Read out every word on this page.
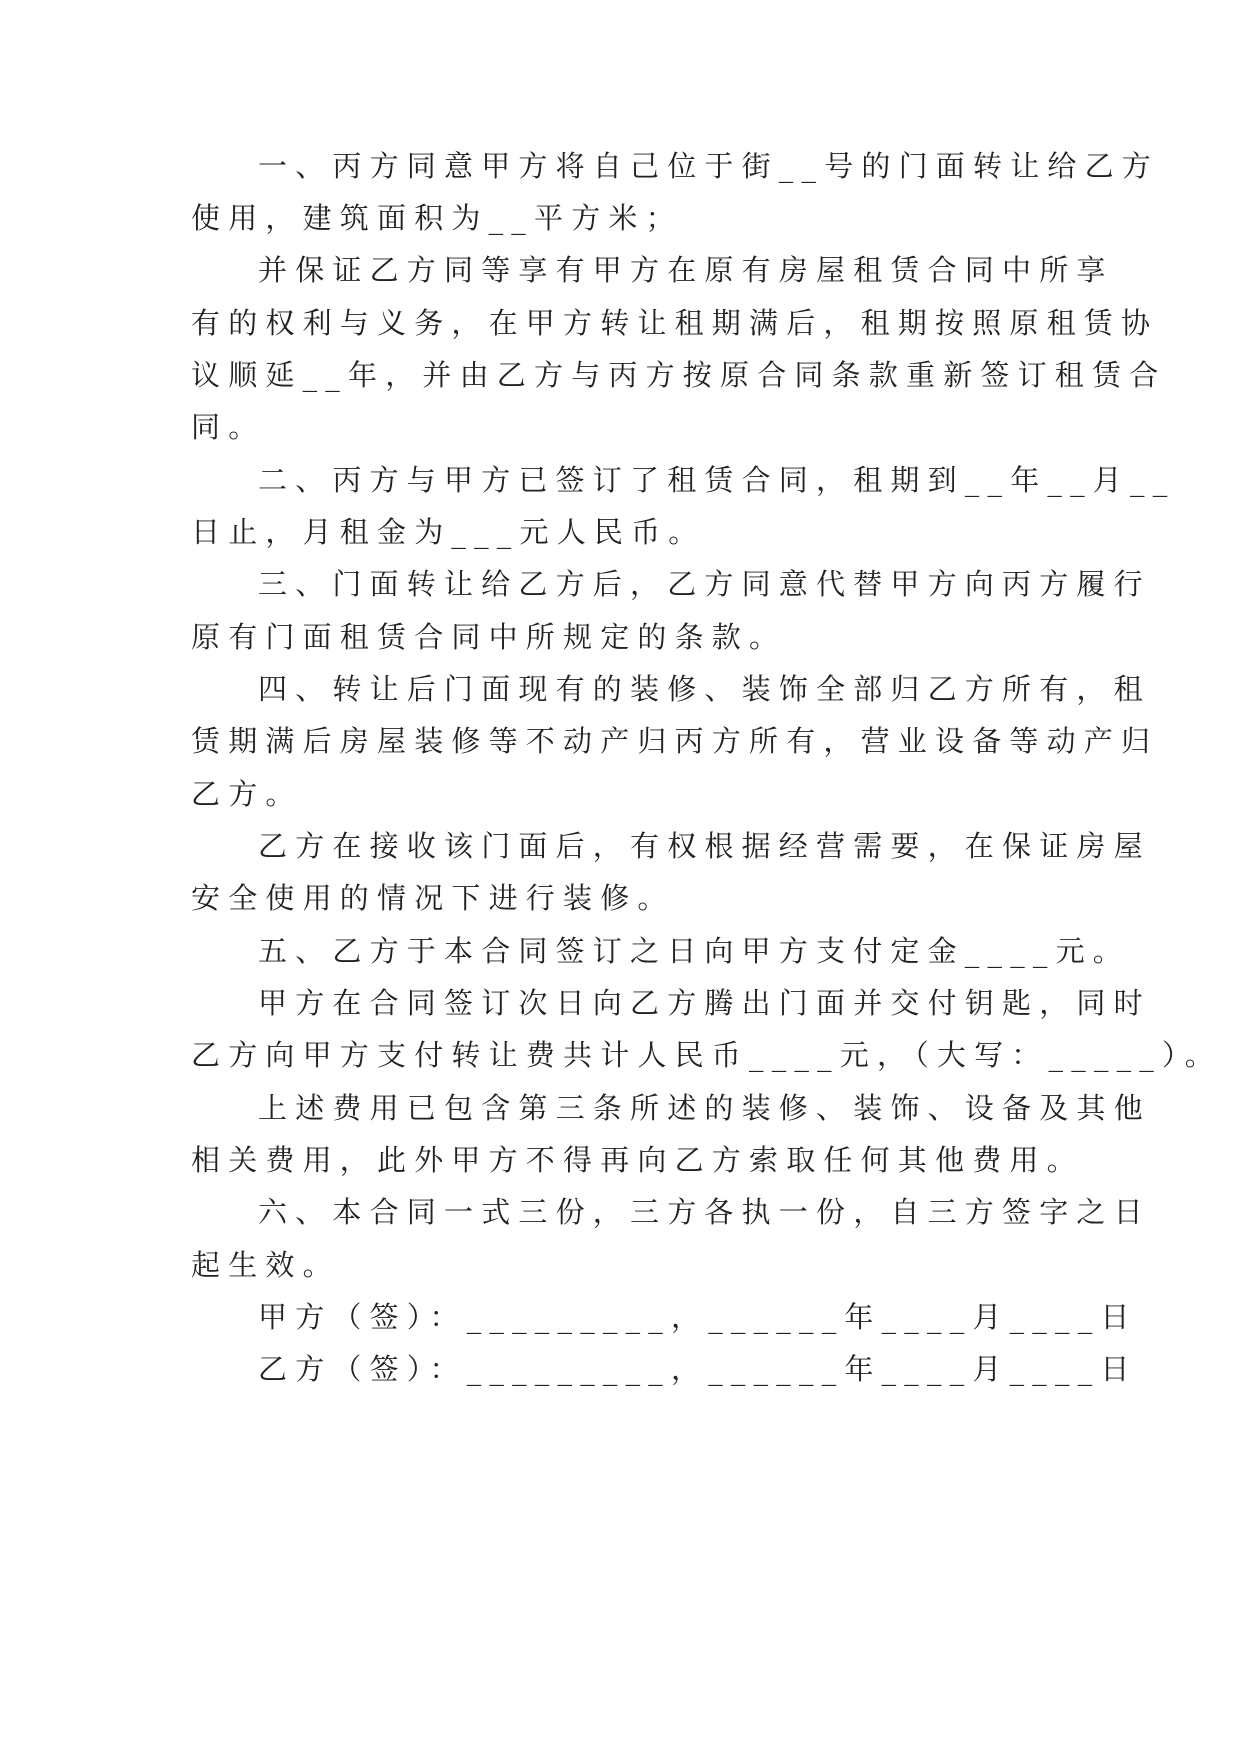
一、丙方同意甲方将自己位于街__号的门面转让给乙方
使用，建筑面积为__平方米；
并保证乙方同等享有甲方在原有房屋租赁合同中所享
有的权利与义务，在甲方转让租期满后，租期按照原租赁协
议顺延__年，并由乙方与丙方按原合同条款重新签订租赁合
同。
二、丙方与甲方已签订了租赁合同，租期到__年__月__
日止，月租金为___元人民币。
三、门面转让给乙方后，乙方同意代替甲方向丙方履行
原有门面租赁合同中所规定的条款。
四、转让后门面现有的装修、装饰全部归乙方所有，租
赁期满后房屋装修等不动产归丙方所有，营业设备等动产归
乙方。
乙方在接收该门面后，有权根据经营需要，在保证房屋
安全使用的情况下进行装修。
五、乙方于本合同签订之日向甲方支付定金____元。
甲方在合同签订次日向乙方腾出门面并交付钥匙，同时
乙方向甲方支付转让费共计人民币____元，（大写：_____）。
上述费用已包含第三条所述的装修、装饰、设备及其他
相关费用，此外甲方不得再向乙方索取任何其他费用。
六、本合同一式三份，三方各执一份，自三方签字之日
起生效。
甲方（签）：_________，______年____月____日
乙方（签）：_________，______年____月____日
